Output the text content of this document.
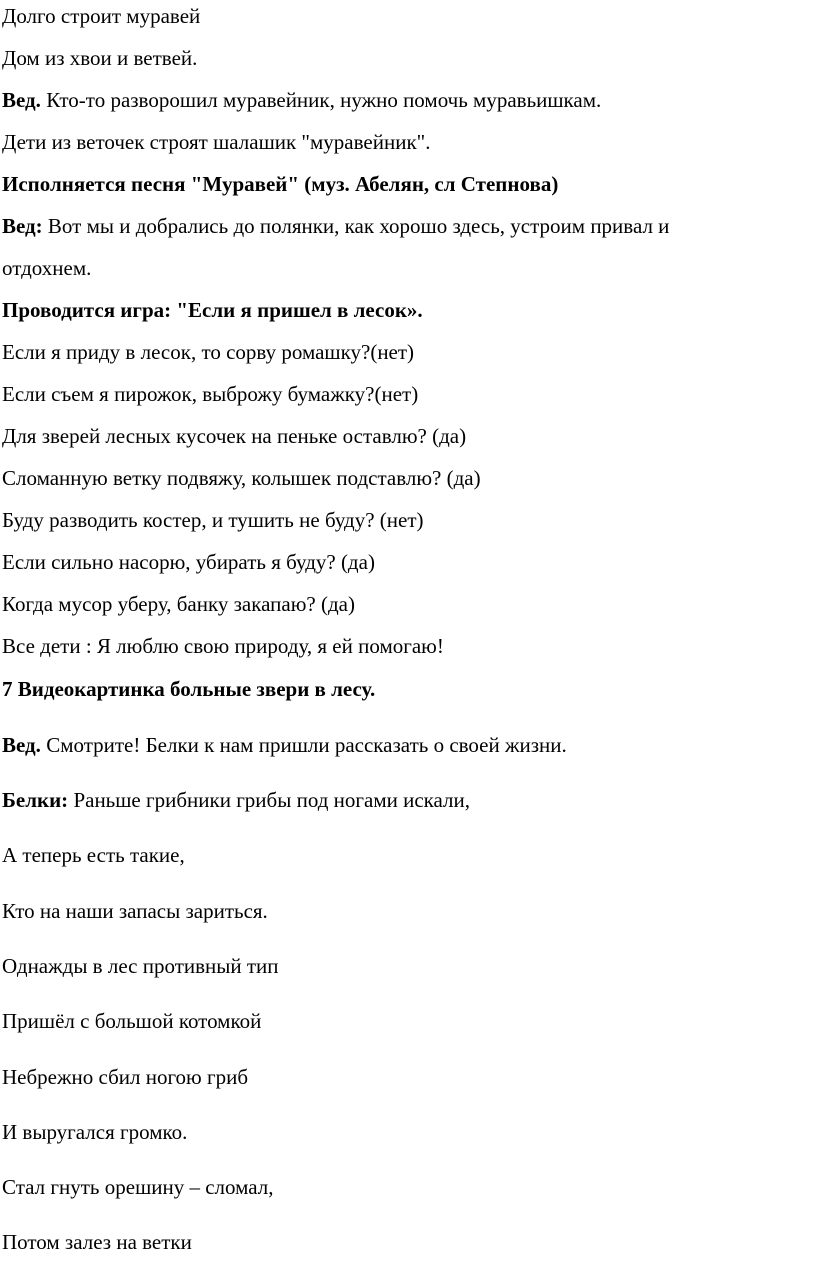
Долго строит муравей
Дом из хвои и ветвей.
Вед. Кто-то разворошил муравейник, нужно помочь муравьишкам.
Дети из веточек строят шалашик "муравейник".
Исполняется песня "Муравей" (муз. Абелян, сл Степнова)
Вед: Вот мы и добрались до полянки, как хорошо здесь, устроим привал и
отдохнем.
Проводится игра: "Если я пришел в лесок».
Если я приду в лесок, то сорву ромашку?(нет)
Если съем я пирожок, выброжу бумажку?(нет)
Для зверей лесных кусочек на пеньке оставлю? (да)
Сломанную ветку подвяжу, колышек подставлю? (да)
Буду разводить костер, и тушить не буду? (нет)
Если сильно насорю, убирать я буду? (да)
Когда мусор уберу, банку закапаю? (да)
Все дети : Я люблю свою природу, я ей помогаю!
7 Видеокартинка больные звери в лесу.
Вед. Смотрите! Белки к нам пришли рассказать о своей жизни.
Белки: Раньше грибники грибы под ногами искали,
А теперь есть такие,
Кто на наши запасы зариться.
Однажды в лес противный тип
Пришёл с большой котомкой
Небрежно сбил ногою гриб
И выругался громко.
Стал гнуть орешину – сломал,
Потом залез на ветки
